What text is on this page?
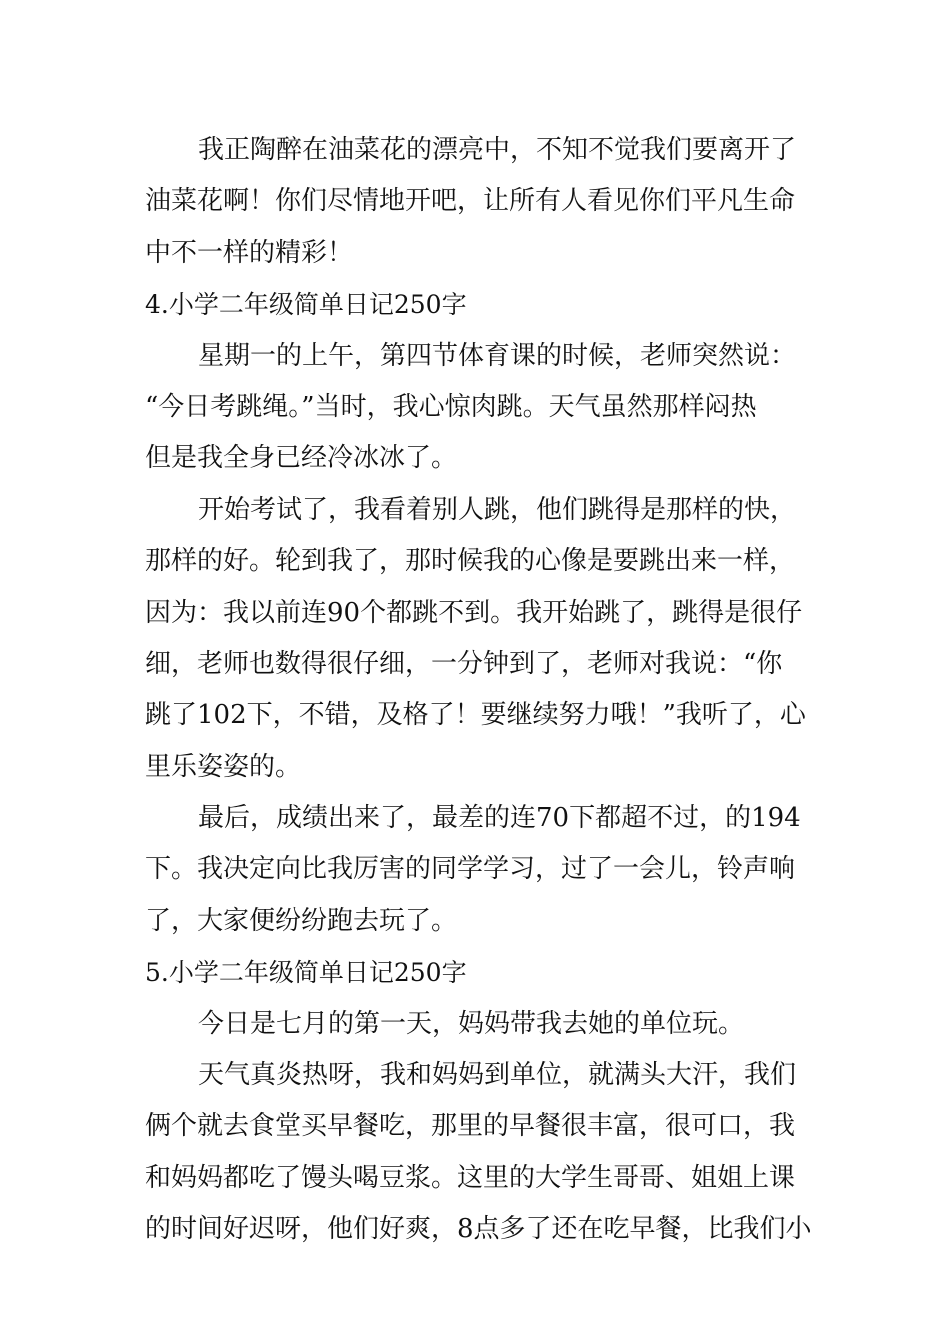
我正陶醉在油菜花的漂亮中，不知不觉我们要离开了
油菜花啊！你们尽情地开吧，让所有人看见你们平凡生命
中不一样的精彩！
4.小学二年级简单日记250字
星期一的上午，第四节体育课的时候，老师突然说：
“今日考跳绳。”当时，我心惊肉跳。天气虽然那样闷热
但是我全身已经冷冰冰了。
开始考试了，我看着别人跳，他们跳得是那样的快，
那样的好。轮到我了，那时候我的心像是要跳出来一样，
因为：我以前连90个都跳不到。我开始跳了，跳得是很仔
细，老师也数得很仔细，一分钟到了，老师对我说：“你
跳了102下，不错，及格了！要继续努力哦！”我听了，心
里乐姿姿的。
最后，成绩出来了，最差的连70下都超不过，的194
下。我决定向比我厉害的同学学习，过了一会儿，铃声响
了，大家便纷纷跑去玩了。
5.小学二年级简单日记250字
今日是七月的第一天，妈妈带我去她的单位玩。
天气真炎热呀，我和妈妈到单位，就满头大汗，我们
俩个就去食堂买早餐吃，那里的早餐很丰富，很可口，我
和妈妈都吃了馒头喝豆浆。这里的大学生哥哥、姐姐上课
的时间好迟呀，他们好爽，8点多了还在吃早餐，比我们小
